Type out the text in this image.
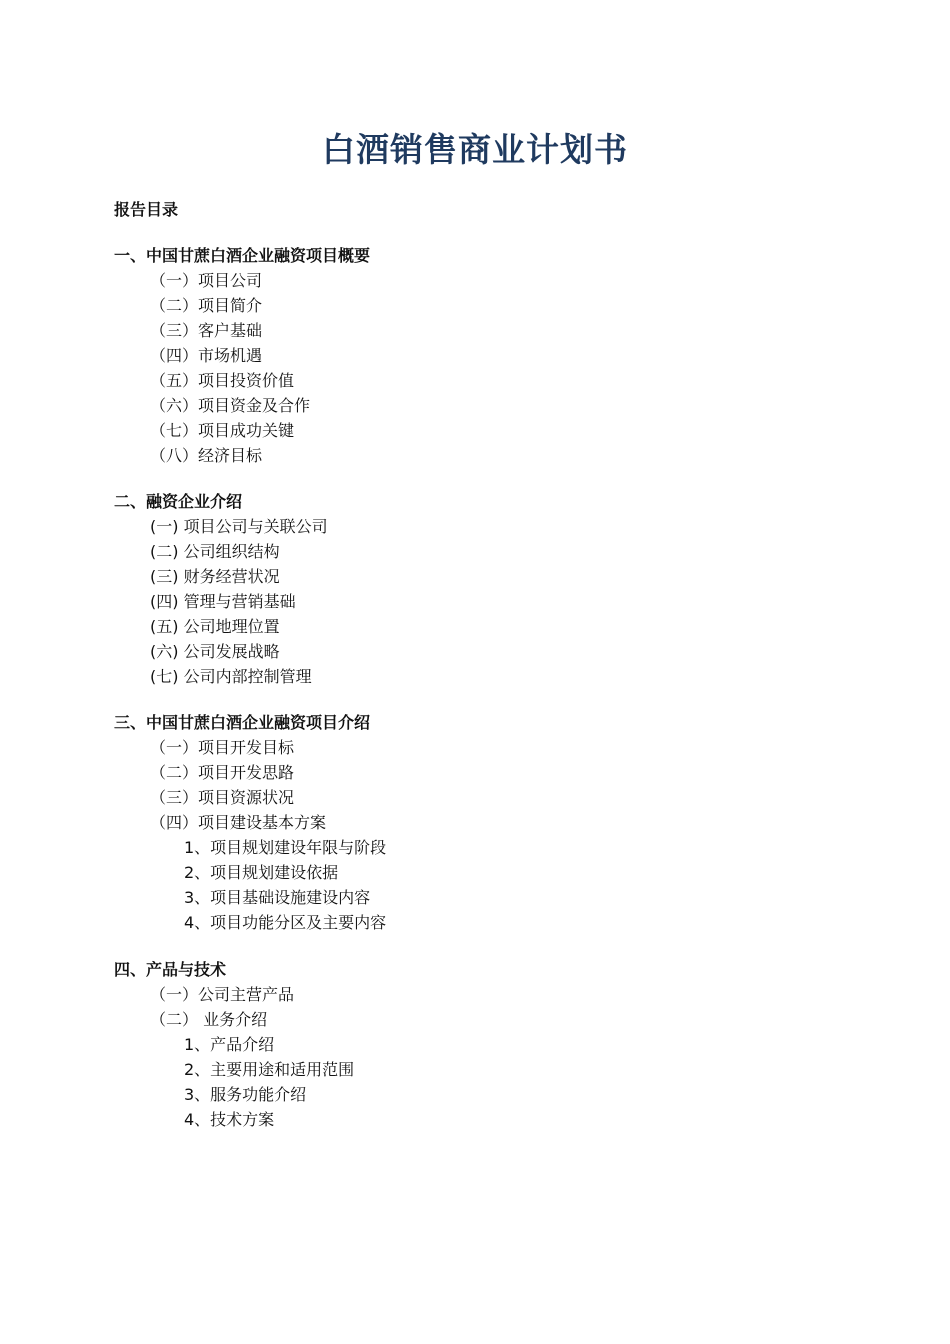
白酒销售商业计划书
报告目录
一、中国甘蔗白酒企业融资项目概要
（一）项目公司
（二）项目简介
（三）客户基础
（四）市场机遇
（五）项目投资价值
（六）项目资金及合作
（七）项目成功关键
（八）经济目标
二、融资企业介绍
(一) 项目公司与关联公司
(二) 公司组织结构
(三) 财务经营状况
(四) 管理与营销基础
(五) 公司地理位置
(六) 公司发展战略
(七) 公司内部控制管理
三、中国甘蔗白酒企业融资项目介绍
（一）项目开发目标
（二）项目开发思路
（三）项目资源状况
（四）项目建设基本方案
1、项目规划建设年限与阶段
2、项目规划建设依据
3、项目基础设施建设内容
4、项目功能分区及主要内容
四、产品与技术
（一）公司主营产品
（二） 业务介绍
1、产品介绍
2、主要用途和适用范围
3、服务功能介绍
4、技术方案
